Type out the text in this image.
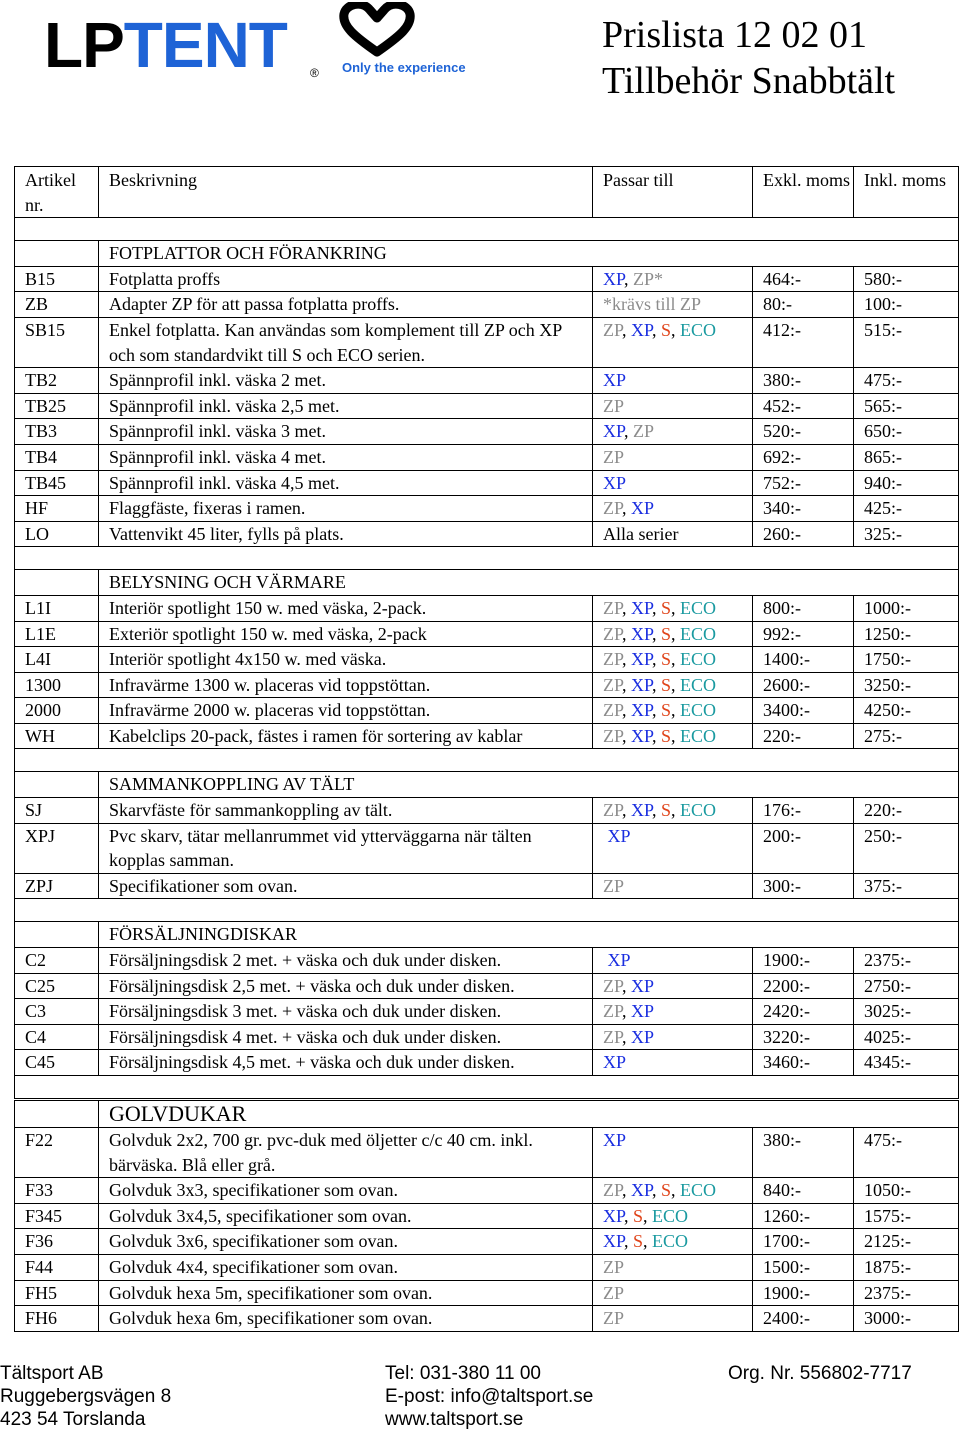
LPTENT ® Only the experience
Prislista 12 02 01
Tillbehör Snabbtält
Artikel nr.	Beskrivning	Passar till	Exkl. moms	Inkl. moms

	FOTPLATTOR OCH FÖRANKRING			
B15	Fotplatta proffs	XP, ZP*	464:-	580:-
ZB	Adapter ZP för att passa fotplatta proffs.	*krävs till ZP	80:-	100:-
SB15	Enkel fotplatta. Kan användas som komplement till ZP och XP och som standardvikt till S och ECO serien.	ZP, XP, S, ECO	412:-	515:-
TB2	Spännprofil inkl. väska 2 met.	XP	380:-	475:-
TB25	Spännprofil inkl. väska 2,5 met.	ZP	452:-	565:-
TB3	Spännprofil inkl. väska 3 met.	XP, ZP	520:-	650:-
TB4	Spännprofil inkl. väska 4 met.	ZP	692:-	865:-
TB45	Spännprofil inkl. väska 4,5 met.	XP	752:-	940:-
HF	Flaggfäste, fixeras i ramen.	ZP, XP	340:-	425:-
LO	Vattenvikt 45 liter, fylls på plats.	Alla serier	260:-	325:-

	BELYSNING OCH VÄRMARE			
L1I	Interiör spotlight 150 w. med väska, 2-pack.	ZP, XP, S, ECO	800:-	1000:-
L1E	Exteriör spotlight 150 w. med väska, 2-pack	ZP, XP, S, ECO	992:-	1250:-
L4I	Interiör spotlight 4x150 w. med väska.	ZP, XP, S, ECO	1400:-	1750:-
1300	Infravärme 1300 w. placeras vid toppstöttan.	ZP, XP, S, ECO	2600:-	3250:-
2000	Infravärme 2000 w. placeras vid toppstöttan.	ZP, XP, S, ECO	3400:-	4250:-
WH	Kabelclips 20-pack, fästes i ramen för sortering av kablar	ZP, XP, S, ECO	220:-	275:-

	SAMMANKOPPLING AV TÄLT			
SJ	Skarvfäste för sammankoppling av tält.	ZP, XP, S, ECO	176:-	220:-
XPJ	Pvc skarv, tätar mellanrummet vid ytterväggarna när tälten kopplas samman.	XP	200:-	250:-
ZPJ	Specifikationer som ovan.	ZP	300:-	375:-

	FÖRSÄLJNINGDISKAR			
C2	Försäljningsdisk 2 met. + väska och duk under disken.	XP	1900:-	2375:-
C25	Försäljningsdisk 2,5 met. + väska och duk under disken.	ZP, XP	2200:-	2750:-
C3	Försäljningsdisk 3 met. + väska och duk under disken.	ZP, XP	2420:-	3025:-
C4	Försäljningsdisk 4 met. + väska och duk under disken.	ZP, XP	3220:-	4025:-
C45	Försäljningsdisk 4,5 met. + väska och duk under disken.	XP	3460:-	4345:-

	GOLVDUKAR			
F22	Golvduk 2x2, 700 gr. pvc-duk med öljetter c/c 40 cm. inkl. bärväska. Blå eller grå.	XP	380:-	475:-
F33	Golvduk 3x3, specifikationer som ovan.	ZP, XP, S, ECO	840:-	1050:-
F345	Golvduk 3x4,5, specifikationer som ovan.	XP, S, ECO	1260:-	1575:-
F36	Golvduk 3x6, specifikationer som ovan.	XP, S, ECO	1700:-	2125:-
F44	Golvduk 4x4, specifikationer som ovan.	ZP	1500:-	1875:-
FH5	Golvduk hexa 5m, specifikationer som ovan.	ZP	1900:-	2375:-
FH6	Golvduk hexa 6m, specifikationer som ovan.	ZP	2400:-	3000:-
Tältsport AB
Ruggebergsvägen 8
423 54 Torslanda
Tel: 031-380 11 00
E-post: info@taltsport.se
www.taltsport.se
Org. Nr. 556802-7717
